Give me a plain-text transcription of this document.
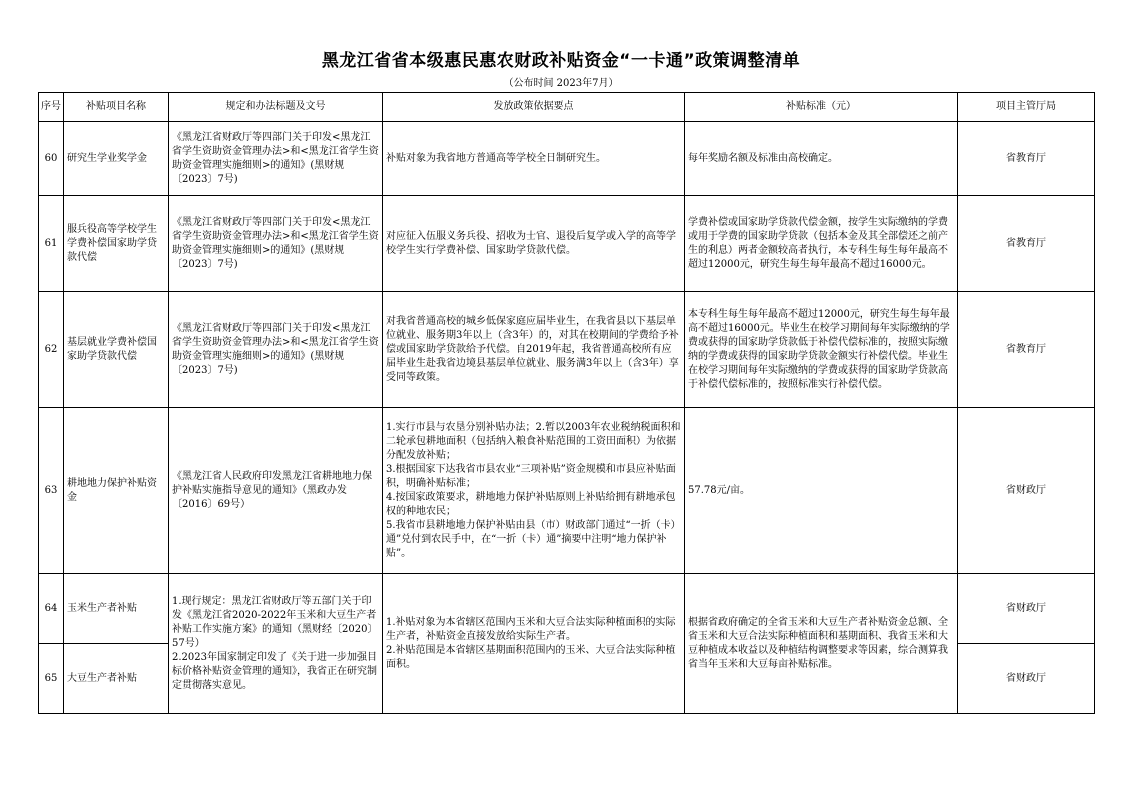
黑龙江省省本级惠民惠农财政补贴资金“一卡通”政策调整清单
（公布时间 2023年7月）
序号	补贴项目名称	规定和办法标题及文号	发放政策依据要点	补贴标准（元）	项目主管厅局
60	研究生学业奖学金	《黑龙江省财政厅等四部门关于印发<黑龙江省学生资助资金管理办法>和<黑龙江省学生资助资金管理实施细则>的通知》(黑财规〔2023〕7号)	补贴对象为我省地方普通高等学校全日制研究生。	每年奖励名额及标准由高校确定。	省教育厅
61	服兵役高等学校学生学费补偿国家助学贷款代偿	《黑龙江省财政厅等四部门关于印发<黑龙江省学生资助资金管理办法>和<黑龙江省学生资助资金管理实施细则>的通知》(黑财规〔2023〕7号)	对应征入伍服义务兵役、招收为士官、退役后复学或入学的高等学校学生实行学费补偿、国家助学贷款代偿。	学费补偿或国家助学贷款代偿金额，按学生实际缴纳的学费或用于学费的国家助学贷款（包括本金及其全部偿还之前产生的利息）两者金额较高者执行，本专科生每生每年最高不超过12000元，研究生每生每年最高不超过16000元。	省教育厅
62	基层就业学费补偿国家助学贷款代偿	《黑龙江省财政厅等四部门关于印发<黑龙江省学生资助资金管理办法>和<黑龙江省学生资助资金管理实施细则>的通知》(黑财规〔2023〕7号)	对我省普通高校的城乡低保家庭应届毕业生，在我省县以下基层单位就业、服务期3年以上（含3年）的，对其在校期间的学费给予补偿或国家助学贷款给予代偿。自2019年起，我省普通高校所有应届毕业生赴我省边境县基层单位就业、服务满3年以上（含3年）享受同等政策。	本专科生每生每年最高不超过12000元，研究生每生每年最高不超过16000元。毕业生在校学习期间每年实际缴纳的学费或获得的国家助学贷款低于补偿代偿标准的，按照实际缴纳的学费或获得的国家助学贷款金额实行补偿代偿。毕业生在校学习期间每年实际缴纳的学费或获得的国家助学贷款高于补偿代偿标准的，按照标准实行补偿代偿。	省教育厅
63	耕地地力保护补贴资金	《黑龙江省人民政府印发黑龙江省耕地地力保护补贴实施指导意见的通知》（黑政办发〔2016〕69号）	1.实行市县与农垦分别补贴办法；2.暂以2003年农业税纳税面积和二轮承包耕地面积（包括纳入粮食补贴范围的工资田面积）为依据分配发放补贴；
3.根据国家下达我省市县农业“三项补贴”资金规模和市县应补贴面积，明确补贴标准；
4.按国家政策要求，耕地地力保护补贴原则上补贴给拥有耕地承包权的种地农民；
5.我省市县耕地地力保护补贴由县（市）财政部门通过“一折（卡）通”兑付到农民手中，在“一折（卡）通”摘要中注明“地力保护补贴”。	57.78元/亩。	省财政厅
64	玉米生产者补贴	1.现行规定：黑龙江省财政厅等五部门关于印发《黑龙江省2020-2022年玉米和大豆生产者补贴工作实施方案》的通知（黑财经〔2020〕57号）
2.2023年国家制定印发了《关于进一步加强目标价格补贴资金管理的通知》，我省正在研究制定贯彻落实意见。	1.补贴对象为本省辖区范围内玉米和大豆合法实际种植面积的实际生产者，补贴资金直接发放给实际生产者。
2.补贴范围是本省辖区基期面积范围内的玉米、大豆合法实际种植面积。	根据省政府确定的全省玉米和大豆生产者补贴资金总额、全省玉米和大豆合法实际种植面积和基期面积、我省玉米和大豆种植成本收益以及种植结构调整要求等因素，综合测算我省当年玉米和大豆每亩补贴标准。	省财政厅
65	大豆生产者补贴				省财政厅
